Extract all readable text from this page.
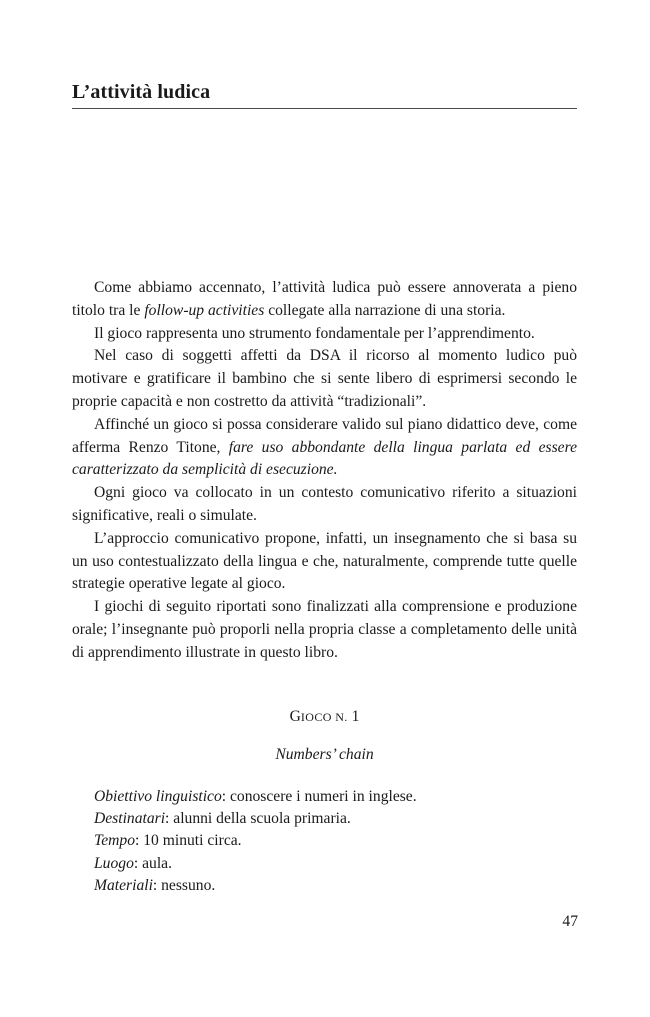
L’attività ludica

Come abbiamo accennato, l’attività ludica può essere annoverata a pieno titolo tra le follow-up activities collegate alla narrazione di una storia.

Il gioco rappresenta uno strumento fondamentale per l’apprendimento.

Nel caso di soggetti affetti da DSA il ricorso al momento ludico può motivare e gratificare il bambino che si sente libero di esprimersi secondo le proprie capacità e non costretto da attività “tradizionali”.

Affinché un gioco si possa considerare valido sul piano didattico deve, come afferma Renzo Titone, fare uso abbondante della lingua parlata ed essere caratterizzato da semplicità di esecuzione.

Ogni gioco va collocato in un contesto comunicativo riferito a situazioni significative, reali o simulate.

L’approccio comunicativo propone, infatti, un insegnamento che si basa su un uso contestualizzato della lingua e che, naturalmente, comprende tutte quelle strategie operative legate al gioco.

I giochi di seguito riportati sono finalizzati alla comprensione e produzione orale; l’insegnante può proporli nella propria classe a completamento delle unità di apprendimento illustrate in questo libro.

GIOCO N. 1
Numbers’ chain

Obiettivo linguistico: conoscere i numeri in inglese.

Destinatari: alunni della scuola primaria.

Tempo: 10 minuti circa.

Luogo: aula.

Materiali: nessuno.

47
